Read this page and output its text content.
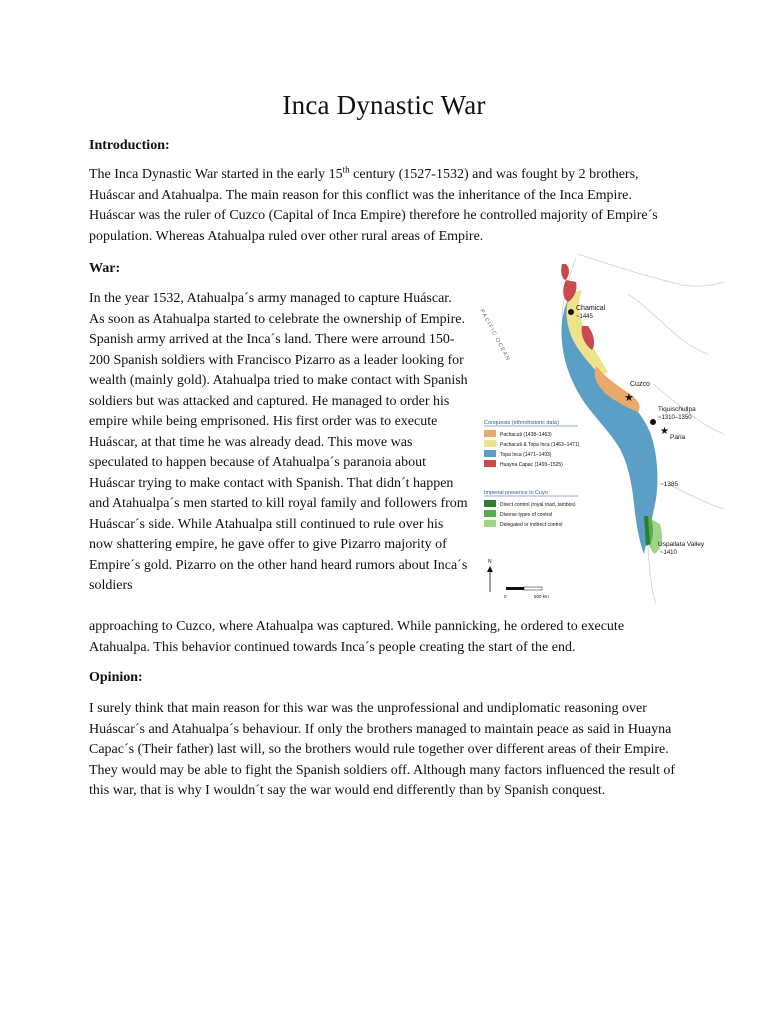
Inca Dynastic War

Introduction:

The Inca Dynastic War started in the early 15th century (1527-1532) and was fought by 2 brothers, Huáscar and Atahualpa. The main reason for this conflict was the inheritance of the Inca Empire. Huáscar was the ruler of Cuzco (Capital of Inca Empire) therefore he controlled majority of Empire´s population. Whereas Atahualpa ruled over other rural areas of Empire.

War:

In the year 1532, Atahualpa´s army managed to capture Huáscar. As soon as Atahualpa started to celebrate the ownership of Empire. Spanish army arrived at the Inca´s land. There were arround 150-200 Spanish soldiers with Francisco Pizarro as a leader looking for wealth (mainly gold). Atahualpa tried to make contact with Spanish soldiers but was attacked and captured. He managed to order his empire while being emprisoned. His first order was to execute Huáscar, at that time he was already dead. This move was speculated to happen because of Atahualpa´s paranoia about Huáscar trying to make contact with Spanish. That didn´t happen and Atahualpa´s men started to kill royal family and followers from Huáscar´s side. While Atahualpa still continued to rule over his now shattering empire, he gave offer to give Pizarro majority of Empire´s gold. Pizarro on the other hand heard rumors about Inca´s soldiers

approaching to Cuzco, where Atahualpa was captured. While pannicking, he ordered to execute Atahualpa. This behavior continued towards Inca´s people creating the start of the end.

Opinion:

I surely think that main reason for this war was the unprofessional and undiplomatic reasoning over Huáscar´s and Atahualpa´s behaviour. If only the brothers managed to maintain peace as said in Huayna Capac´s (Their father) last will, so the brothers would rule together over different areas of their Empire. They would may be able to fight the Spanish soldiers off. Although many factors influenced the result of this war, that is why I wouldn´t say the war would end differently than by Spanish conquest.

Chamical
~1445
PACIFIC OCEAN
Cuzco
★
Tiquischullpa
~1310–1350
★
Paria
~1385
Uspallata Valley
~1410
Conquests (ethnohistoric data)
Pachacuti (1438–1463)
Pachacuti & Topa Inca (1463–1471)
Topa Inca (1471–1493)
Huayna Capac (1493–1525)
Imperial presence in Cuyo
Direct control (royal road, tambos)
Diverse types of control
Delegated or indirect control
N
0	500 km
